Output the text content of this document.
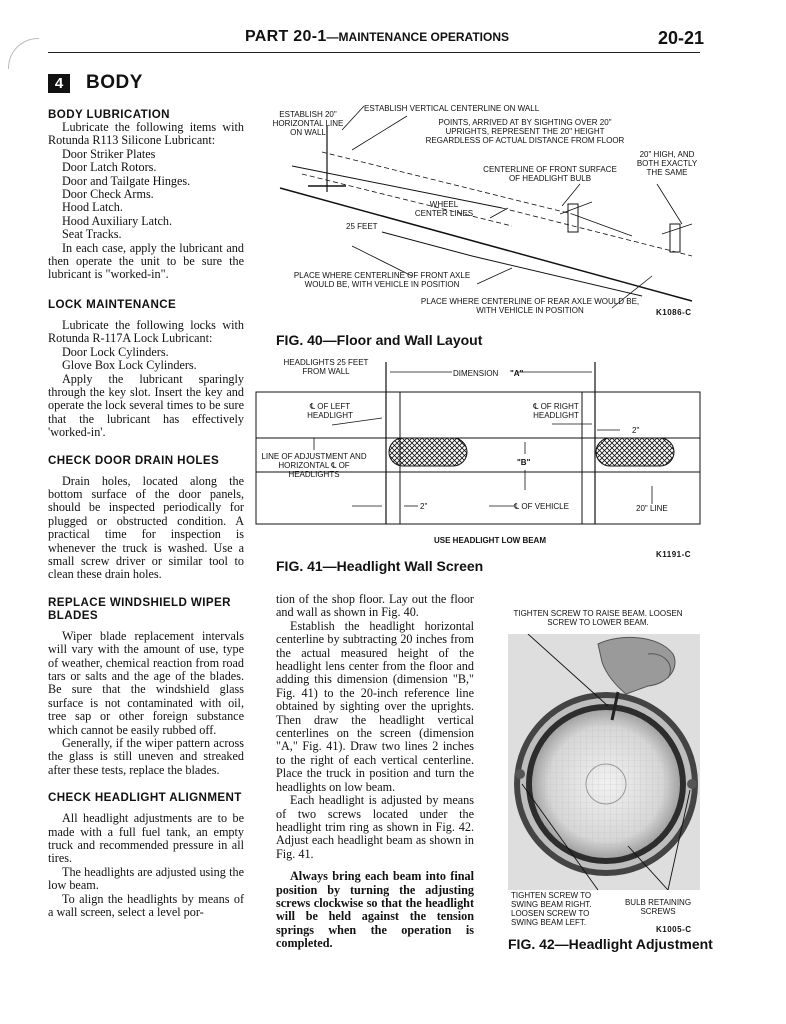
PART 20-1—MAINTENANCE OPERATIONS	20-21
4	BODY
BODY LUBRICATION

Lubricate the following items with Rotunda R113 Silicone Lubricant:

Door Striker Plates

Door Latch Rotors.

Door and Tailgate Hinges.

Door Check Arms.

Hood Latch.

Hood Auxiliary Latch.

Seat Tracks.

In each case, apply the lubricant and then operate the unit to be sure the lubricant is "worked-in".

LOCK MAINTENANCE

Lubricate the following locks with Rotunda R-117A Lock Lubricant:

Door Lock Cylinders.

Glove Box Lock Cylinders.

Apply the lubricant sparingly through the key slot. Insert the key and operate the lock several times to be sure that the lubricant has effectively 'worked-in'.

CHECK DOOR DRAIN HOLES

Drain holes, located along the bottom surface of the door panels, should be inspected periodically for plugged or obstructed condition. A practical time for inspection is whenever the truck is washed. Use a small screw driver or similar tool to clean these drain holes.

REPLACE WINDSHIELD WIPER BLADES

Wiper blade replacement intervals will vary with the amount of use, type of weather, chemical reaction from road tars or salts and the age of the blades. Be sure that the windshield glass surface is not contaminated with oil, tree sap or other foreign substance which cannot be easily rubbed off.

Generally, if the wiper pattern across the glass is still uneven and streaked after these tests, replace the blades.

CHECK HEADLIGHT ALIGNMENT

All headlight adjustments are to be made with a full fuel tank, an empty truck and recommended pressure in all tires.

The headlights are adjusted using the low beam.

To align the headlights by means of a wall screen, select a level por-

ESTABLISH 20" HORIZONTAL LINE ON WALL
ESTABLISH VERTICAL CENTERLINE ON WALL
POINTS, ARRIVED AT BY SIGHTING OVER 20" UPRIGHTS, REPRESENT THE 20" HEIGHT REGARDLESS OF ACTUAL DISTANCE FROM FLOOR
CENTERLINE OF FRONT SURFACE OF HEADLIGHT BULB
20" HIGH, AND BOTH EXACTLY THE SAME
WHEEL CENTER LINES
25 FEET
PLACE WHERE CENTERLINE OF FRONT AXLE WOULD BE, WITH VEHICLE IN POSITION
PLACE WHERE CENTERLINE OF REAR AXLE WOULD BE, WITH VEHICLE IN POSITION	K1086-C
FIG. 40—Floor and Wall Layout
HEADLIGHTS 25 FEET FROM WALL	DIMENSION "A"
℄ OF LEFT HEADLIGHT
℄ OF RIGHT HEADLIGHT
2"
LINE OF ADJUSTMENT AND HORIZONTAL ℄ OF HEADLIGHTS
"B"
2"	℄ OF VEHICLE	20" LINE
USE HEADLIGHT LOW BEAM
K1191-C
FIG. 41—Headlight Wall Screen

tion of the shop floor. Lay out the floor and wall as shown in Fig. 40.

Establish the headlight horizontal centerline by subtracting 20 inches from the actual measured height of the headlight lens center from the floor and adding this dimension (dimension "B," Fig. 41) to the 20-inch reference line obtained by sighting over the uprights. Then draw the headlight vertical centerlines on the screen (dimension "A," Fig. 41). Draw two lines 2 inches to the right of each vertical centerline. Place the truck in position and turn the headlights on low beam.

Each headlight is adjusted by means of two screws located under the headlight trim ring as shown in Fig. 42. Adjust each headlight beam as shown in Fig. 41.

Always bring each beam into final position by turning the adjusting screws clockwise so that the headlight will be held against the tension springs when the operation is completed.

TIGHTEN SCREW TO RAISE BEAM. LOOSEN SCREW TO LOWER BEAM.
TIGHTEN SCREW TO SWING BEAM RIGHT. LOOSEN SCREW TO SWING BEAM LEFT.
BULB RETAINING SCREWS
K1005-C
FIG. 42—Headlight Adjustment
